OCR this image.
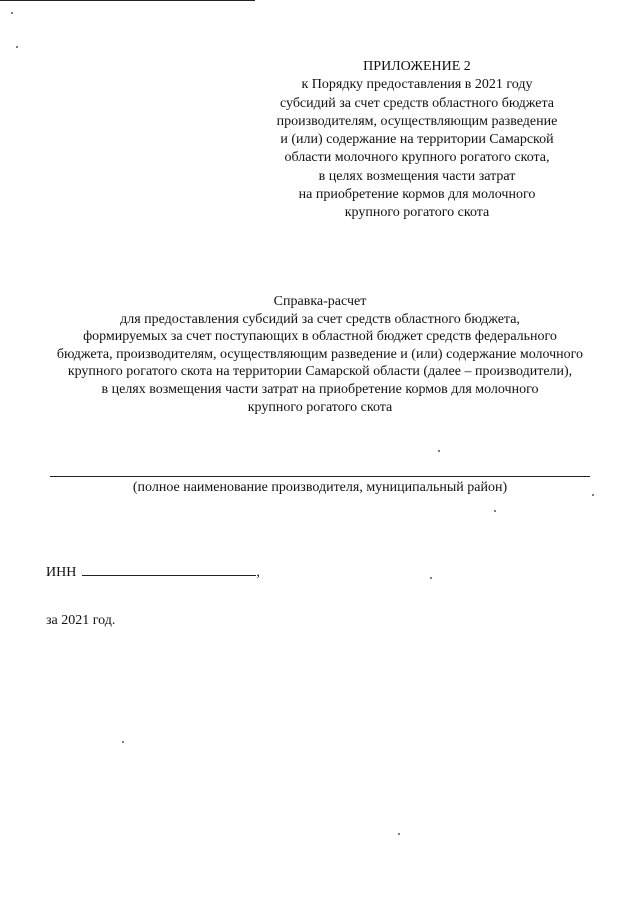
ПРИЛОЖЕНИЕ 2
к Порядку предоставления в 2021 году
субсидий за счет средств областного бюджета
производителям, осуществляющим разведение
и (или) содержание на территории Самарской
области молочного крупного рогатого скота,
в целях возмещения части затрат
на приобретение кормов для молочного
крупного рогатого скота
Справка-расчет
для предоставления субсидий за счет средств областного бюджета,
формируемых за счет поступающих в областной бюджет средств федерального
бюджета, производителям, осуществляющим разведение и (или) содержание молочного
крупного рогатого скота на территории Самарской области (далее – производители),
в целях возмещения части затрат на приобретение кормов для молочного
крупного рогатого скота
(полное наименование производителя, муниципальный район)
ИНН	,
за 2021 год.
